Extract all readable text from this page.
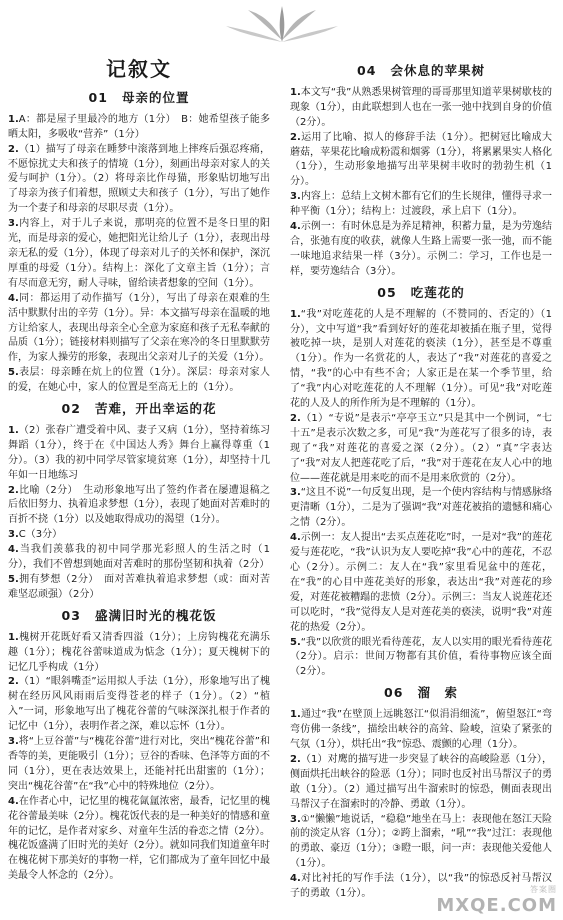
记叙文
01 母亲的位置
1.A：都是屋子里最冷的地方（1分）　B：她希望孩子能多晒太阳，多吸收“营养”（1分）
2.（1）描写了母亲在睡梦中滚落到地上摔疼后强忍疼痛，不愿惊扰丈夫和孩子的情境（1分），刻画出母亲对家人的关爱与呵护（1分）。（2）将母亲比作母猫，形象贴切地写出了母亲为孩子们着想，照顾丈夫和孩子（1分），写出了她作为一个妻子和母亲的尽职尽责（1分）。
3.内容上，对于儿子来说，那明亮的位置不是冬日里的阳光，而是母亲的爱心，她把阳光让给儿子（1分），表现出母亲无私的爱（1分），体现了母亲对儿子的关怀和保护，深沉厚重的母爱（1分）。结构上：深化了文章主旨（1分）；言有尽而意无穷，耐人寻味，留给读者想象的空间（1分）。
4.同：都运用了动作描写（1分），写出了母亲在艰难的生活中默默付出的辛劳（1分）。异：本文描写母亲在温暖的地方让给家人，表现出母亲全心全意为家庭和孩子无私奉献的品质（1分）；链接材料则描写了父亲在寒冷的冬日里默默劳作，为家人操劳的形象，表现出父亲对儿子的关爱（1分）。
5.表层：母亲睡在炕上的位置（1分）。深层：母亲对家人的爱，在她心中，家人的位置是至高无上的（1分）。
02 苦难，开出幸运的花
1.（2）张春广遭受着中风、妻子又病（1分），坚持着练习舞蹈（1分），终于在《中国达人秀》舞台上赢得尊重（1分）。（3）我的初中同学尽管家境贫寒（1分），却坚持十几年如一日地练习
2.比喻（2分）　生动形象地写出了签约作者在屡遭退稿之后依旧努力、执着追求梦想（1分），表现了她面对苦难时的百折不挠（1分）以及她取得成功的渴望（1分）。
3.C（3分）
4.当我们羡慕我的初中同学那光彩照人的生活之时（1分），我们不曾想到她面对苦难时的那份坚韧和执着（2分）
5.拥有梦想（2分）　面对苦难执着追求梦想（或：面对苦难坚忍顽强）（2分）
03 盛满旧时光的槐花饭
1.槐树开花既好看又清香四溢（1分）；上房钩槐花充满乐趣（1分）；槐花谷蕾味道成为惦念（1分）；夏天槐树下的记忆几乎构成（1分）
2.（1）“眼斜嘴歪”运用拟人手法（1分），形象地写出了槐树在经历风风雨雨后变得苍老的样子（1分）。（2）“植入”一词，形象地写出了槐花谷蕾的气味深深扎根于作者的记忆中（1分），表明作者之深，难以忘怀（1分）。
3.将“上豆谷蕾”与“槐花谷蕾”进行对比，突出“槐花谷蕾”和香等的美，更能吸引（1分）；豆谷的香味、色泽等方面的不同（1分），更在表达效果上，还能衬托出甜蜜的（1分）；突出“槐花谷蕾”在“我”心中的特殊地位（2分）。
4.在作者心中，记忆里的槐花氤氲浓密，最香，记忆里的槐花谷蕾最美味（2分）。槐花饭代表的是一种美好的情感和童年的记忆，是作者对家乡、对童年生活的眷恋之情（2分）。槐花饭盛满了旧时光的美好（2分）。就如同我们知道童年时在槐花树下那美好的事物一样，它们都成为了童年回忆中最美最令人怀念的（2分）。
04 会休息的苹果树
1.本文写“我”从熟悉果树管理的哥哥那里知道苹果树歇枝的现象（1分），由此联想到人也在一张一弛中找到自身的价值（2分）。
2.运用了比喻、拟人的修辞手法（1分）。把树冠比喻成大蘑菇，苹果花比喻成粉霞和烟雾（1分），将累累果实人格化（1分），生动形象地描写出苹果树丰收时的勃勃生机（1分）。
3.内容上：总结上文树木都有它们的生长规律，懂得寻求一种平衡（1分）；结构上：过渡段，承上启下（1分）。
4.示例一：有时休息是为养足精神，积蓄力量，是为劳逸结合，张弛有度的收获，就像人生路上需要一张一弛，而不能一味地追求结果一样（3分）。示例二：学习，工作也是一样，要劳逸结合（3分）。
05 吃莲花的
1.“我”对吃莲花的人是不理解的（不赞同的、否定的）（1分），文中写道“我”看到好好的莲花却被插在瓶子里，觉得被吃掉一块，是别人对莲花的亵渎（1分），甚至是不尊重（1分）。作为一名赏花的人，表达了“我”对莲花的喜爱之情，“我”的心中有些不舍；人家正是在某一个季节里，给了“我”内心对吃莲花的人不理解（1分）。可见“我”对吃莲花的人及人的所作所为是不理解的（1分）。
2.（1）“专说”是表示“亭亭玉立”只是其中一个例词，“七十五”是表示次数之多，可见“我”为莲花写了很多的诗，表现了“我”对莲花的喜爱之深（2分）。（2）“真”字表达了“我”对友人把莲花吃了后，“我”对于莲花在友人心中的地位——莲花就是用来吃的而不是用来欣赏的（2分）。
3.“这且不说”一句反复出现，是一个使内容结构与情感脉络更清晰（1分），二是为了强调“我”对莲花被掐的遗憾和痛心之情（2分）。
4.示例一：友人提出“去买点莲花吃”时，一是对“我”的莲花爱与莲花吃，“我”认识为友人要吃掉“我”心中的莲花，不忍心（2分）。示例二：友人在“我”家里看见盆中的莲花，在“我”的心目中莲花美好的形象，表达出“我”对莲花的珍爱，对莲花被糟蹋的悲愤（2分）。示例三：当友人说莲花还可以吃时，“我”觉得友人是对莲花美的亵渎，说明“我”对莲花的热爱（2分）。
5.“我”以欣赏的眼光看待莲花，友人以实用的眼光看待莲花（2分）。启示：世间万物都有其价值，看待事物应该全面（2分）。
06 溜　索
1.通过“我”在壁顶上远眺怒江“似涓涓细流”，俯望怒江“弯弯仿佛一条线”，描绘出峡谷的高耸、险峻，渲染了紧张的气氛（1分），烘托出“我”惊恐、震颤的心理（1分）。
2.（1）对鹰的描写进一步突显了峡谷的高峻险恶（1分），侧面烘托出峡谷的险恶（1分）；同时也反衬出马帮汉子的勇敢（1分）。（2）通过描写出牛溜索时的惊恐，侧面表现出马帮汉子在溜索时的冷静、勇敢（1分）。
3.①“懒懒”地说话，“稳稳”地坐在马上：表现他在怒江天险前的淡定从容（1分）；②跨上溜索，“吼”“我”过江：表现他的勇敢、豪迈（1分）；③瞪一眼，问一声：表现他关爱他人（1分）。
4.对比衬托的写作手法（1分），以“我”的惊恐反衬马帮汉子的勇敢（1分）。	答案圈
MXQE.COM
